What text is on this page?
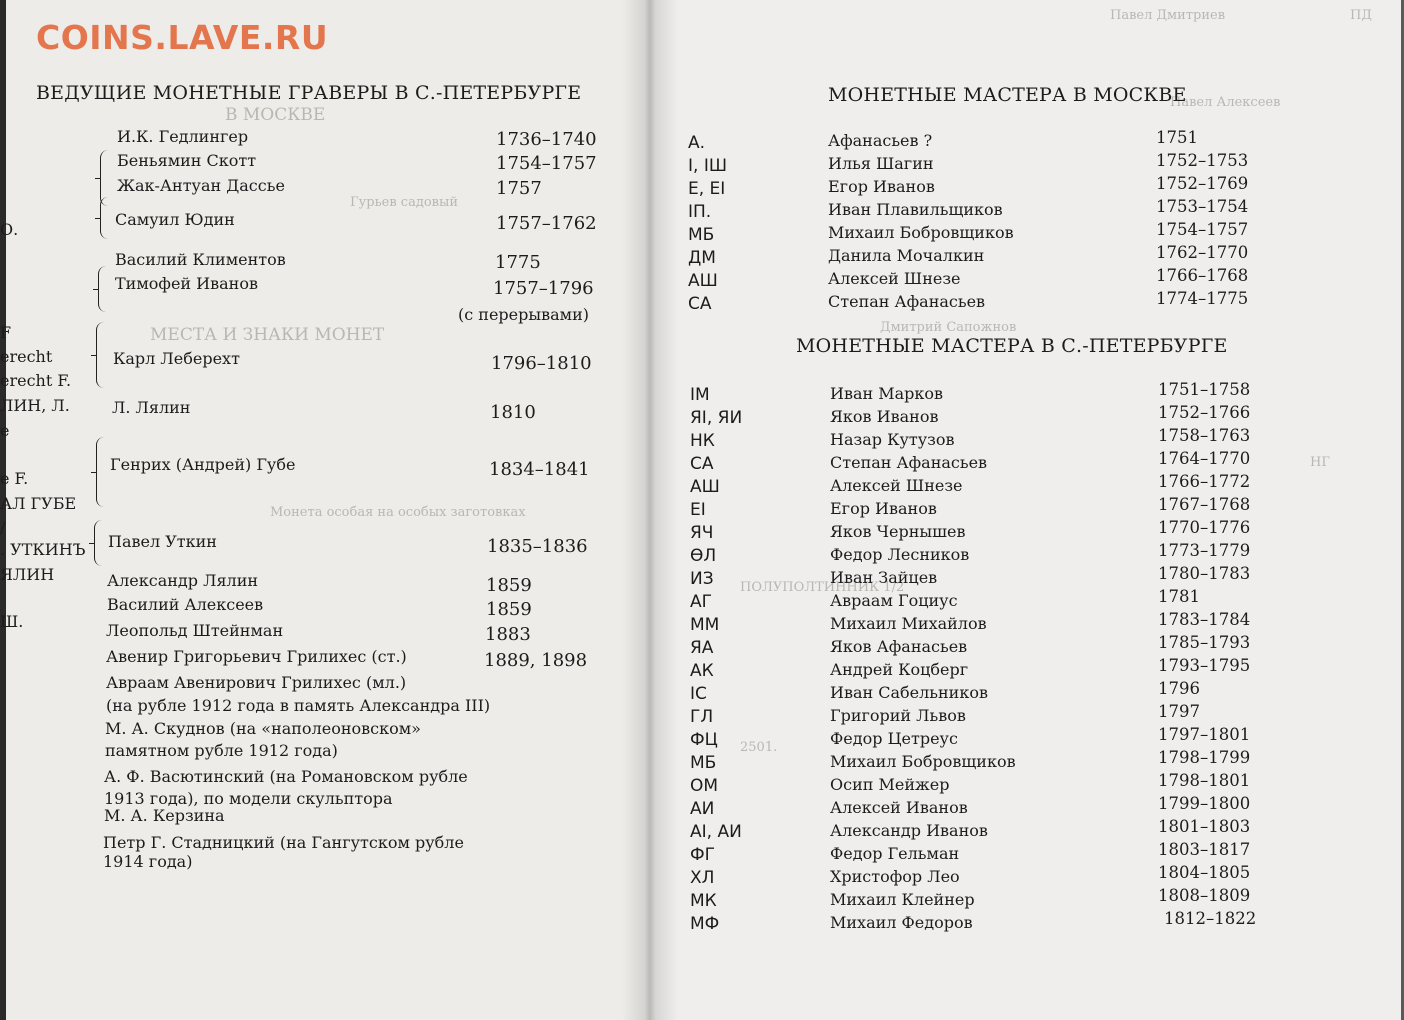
В МОСКВЕ
Гурьев садовый
МЕСТА И ЗНАКИ МОНЕТ
Монета особая на особых заготовках
COINS.LAVE.RU
ВЕДУЩИЕ МОНЕТНЫЕ ГРАВЕРЫ В С.-ПЕТЕРБУРГЕ
О.
F
erecht
erecht F.
ЛИН, Л.
e
e F.
АЛ ГУБЕ
/
. УТКИНЪ
ЯЛИН
Ш.
И.К. Гедлингер	1736–1740
Беньямин Скотт	1754–1757
Жак-Антуан Дассье	1757
Самуил Юдин	1757–1762
Василий Климентов	1775
Тимофей Иванов	1757–1796
(с перерывами)
Карл Леберехт	1796–1810
Л. Лялин	1810
Генрих (Андрей) Губе	1834–1841
Павел Уткин	1835–1836
Александр Лялин	1859
Василий Алексеев	1859
Леопольд Штейнман	1883
Авенир Григорьевич Грилихес (ст.)	1889, 1898
Авраам Авенирович Грилихес (мл.)
(на рубле 1912 года в память Александра III)
М. А. Скуднов (на «наполеоновском»
памятном рубле 1912 года)
А. Ф. Васютинский (на Романовском рубле
1913 года), по модели скульптора
М. А. Керзина
Петр Г. Стадницкий (на Гангутском рубле
1914 года)
Павел Дмитриев	ПД
Павел Алексеев
Дмитрий Сапожнов
НГ
ПОЛУПОЛТИННИК 1/2
2501.
МОНЕТНЫЕ МАСТЕРА В МОСКВЕ
А.	Афанасьев ?	1751
I, IШ	Илья Шагин	1752–1753
Е, ЕI	Егор Иванов	1752–1769
IП.	Иван Плавильщиков	1753–1754
МБ	Михаил Бобровщиков	1754–1757
ДМ	Данила Мочалкин	1762–1770
АШ	Алексей Шнезе	1766–1768
СА	Степан Афанасьев	1774–1775
МОНЕТНЫЕ МАСТЕРА В С.-ПЕТЕРБУРГЕ
IМ	Иван Марков	1751–1758
ЯI, ЯИ	Яков Иванов	1752–1766
НК	Назар Кутузов	1758–1763
СА	Степан Афанасьев	1764–1770
АШ	Алексей Шнезе	1766–1772
ЕI	Егор Иванов	1767–1768
ЯЧ	Яков Чернышев	1770–1776
ѲЛ	Федор Лесников	1773–1779
ИЗ	Иван Зайцев	1780–1783
АГ	Авраам Гоциус	1781
ММ	Михаил Михайлов	1783–1784
ЯА	Яков Афанасьев	1785–1793
АК	Андрей Коцберг	1793–1795
IС	Иван Сабельников	1796
ГЛ	Григорий Львов	1797
ФЦ	Федор Цетреус	1797–1801
МБ	Михаил Бобровщиков	1798–1799
ОМ	Осип Мейжер	1798–1801
АИ	Алексей Иванов	1799–1800
АI, АИ	Александр Иванов	1801–1803
ФГ	Федор Гельман	1803–1817
ХЛ	Христофор Лео	1804–1805
МК	Михаил Клейнер	1808–1809
МФ	Михаил Федоров	1812–1822
